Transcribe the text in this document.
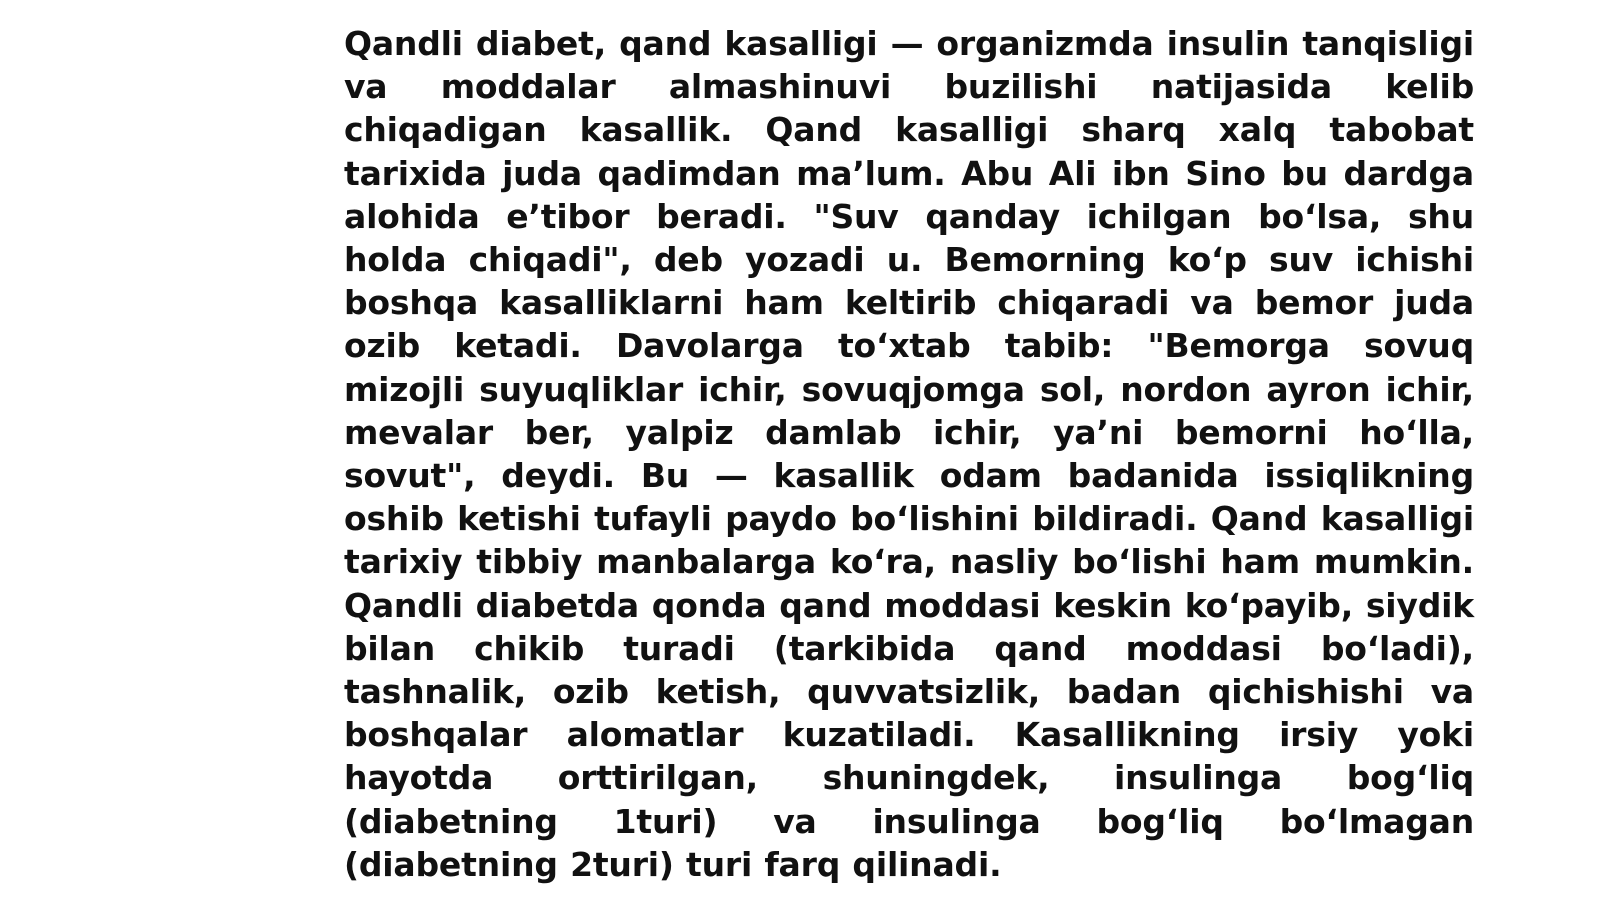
Qandli diabet, qand kasalligi — organizmda insulin tanqisligi va moddalar almashinuvi buzilishi natijasida kelib chiqadigan kasallik. Qand kasalligi sharq xalq tabobat tarixida juda qadimdan maʼlum. Abu Ali ibn Sino bu dardga alohida eʼtibor beradi. "Suv qanday ichilgan boʻlsa, shu holda chiqadi", deb yozadi u. Bemorning koʻp suv ichishi boshqa kasalliklarni ham keltirib chiqaradi va bemor juda ozib ketadi. Davolarga toʻxtab tabib: "Bemorga sovuq mizojli suyuqliklar ichir, sovuqjomga sol, nordon ayron ichir, mevalar ber, yalpiz damlab ichir, yaʼni bemorni hoʻlla, sovut", deydi. Bu — kasallik odam badanida issiqlikning oshib ketishi tufayli paydo boʻlishini bildiradi. Qand kasalligi tarixiy tibbiy manbalarga koʻra, nasliy boʻlishi ham mumkin. Qandli diabetda qonda qand moddasi keskin koʻpayib, siydik bilan chikib turadi (tarkibida qand moddasi boʻladi), tashnalik, ozib ketish, quvvatsizlik, badan qichishishi va boshqalar alomatlar kuzatiladi. Kasallikning irsiy yoki hayotda orttirilgan, shuningdek, insulinga bogʻliq (diabetning 1turi) va insulinga bogʻliq boʻlmagan (diabetning 2turi) turi farq qilinadi.
